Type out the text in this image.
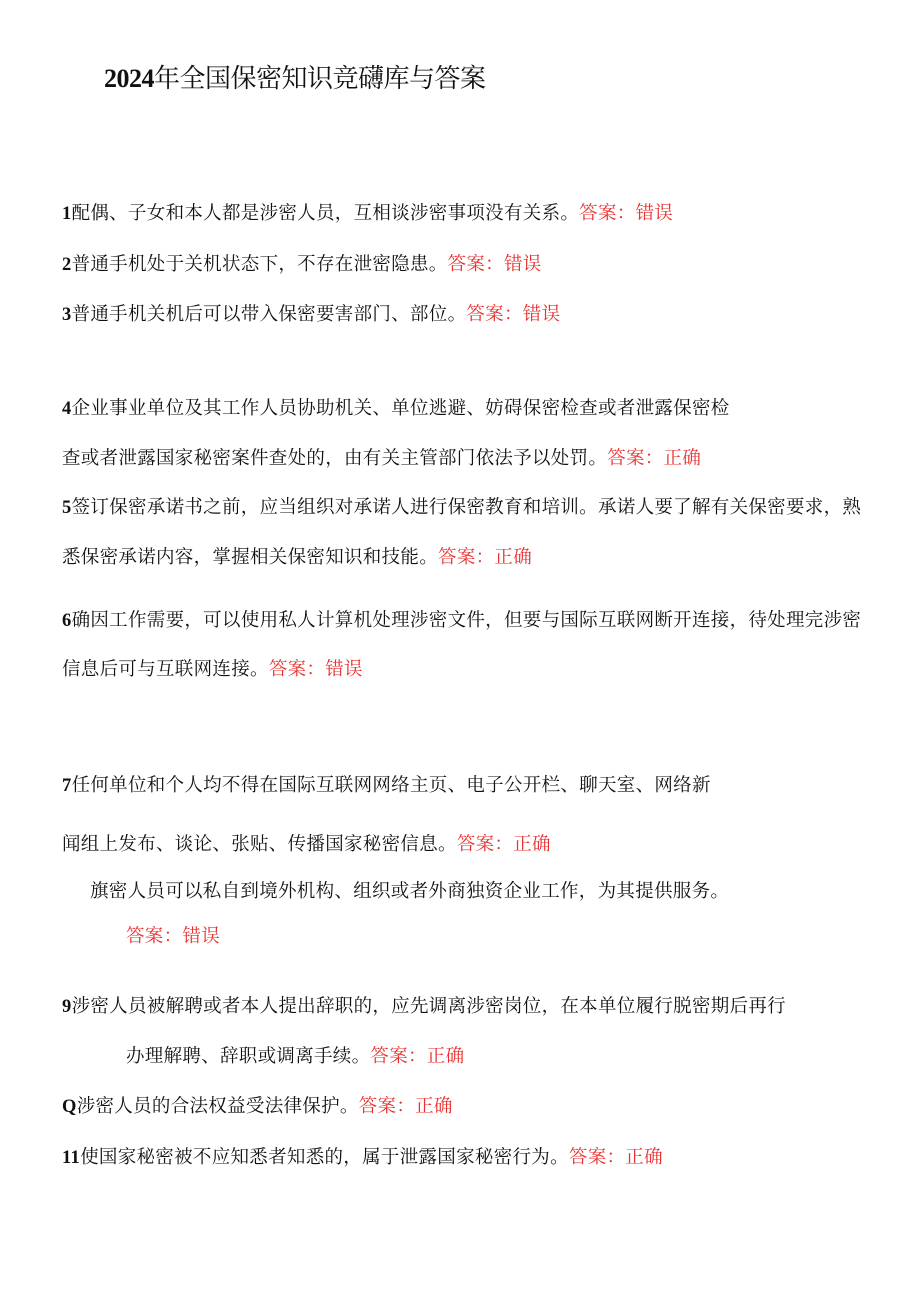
2024年全国保密知识竞礴库与答案
1配偶、子女和本人都是涉密人员，互相谈涉密事项没有关系。答案：错误
2普通手机处于关机状态下，不存在泄密隐患。答案：错误
3普通手机关机后可以带入保密要害部门、部位。答案：错误
4企业事业单位及其工作人员协助机关、单位逃避、妨碍保密检查或者泄露保密检
查或者泄露国家秘密案件查处的，由有关主管部门依法予以处罚。答案：正确
5签订保密承诺书之前，应当组织对承诺人进行保密教育和培训。承诺人要了解有关保密要求，熟
悉保密承诺内容，掌握相关保密知识和技能。答案：正确
6确因工作需要，可以使用私人计算机处理涉密文件，但要与国际互联网断开连接，待处理完涉密
信息后可与互联网连接。答案：错误
7任何单位和个人均不得在国际互联网网络主页、电子公开栏、聊天室、网络新
闻组上发布、谈论、张贴、传播国家秘密信息。答案：正确
旗密人员可以私自到境外机构、组织或者外商独资企业工作，为其提供服务。
答案：错误
9涉密人员被解聘或者本人提出辞职的，应先调离涉密岗位，在本单位履行脱密期后再行
办理解聘、辞职或调离手续。答案：正确
Q涉密人员的合法权益受法律保护。答案：正确
11使国家秘密被不应知悉者知悉的，属于泄露国家秘密行为。答案：正确
